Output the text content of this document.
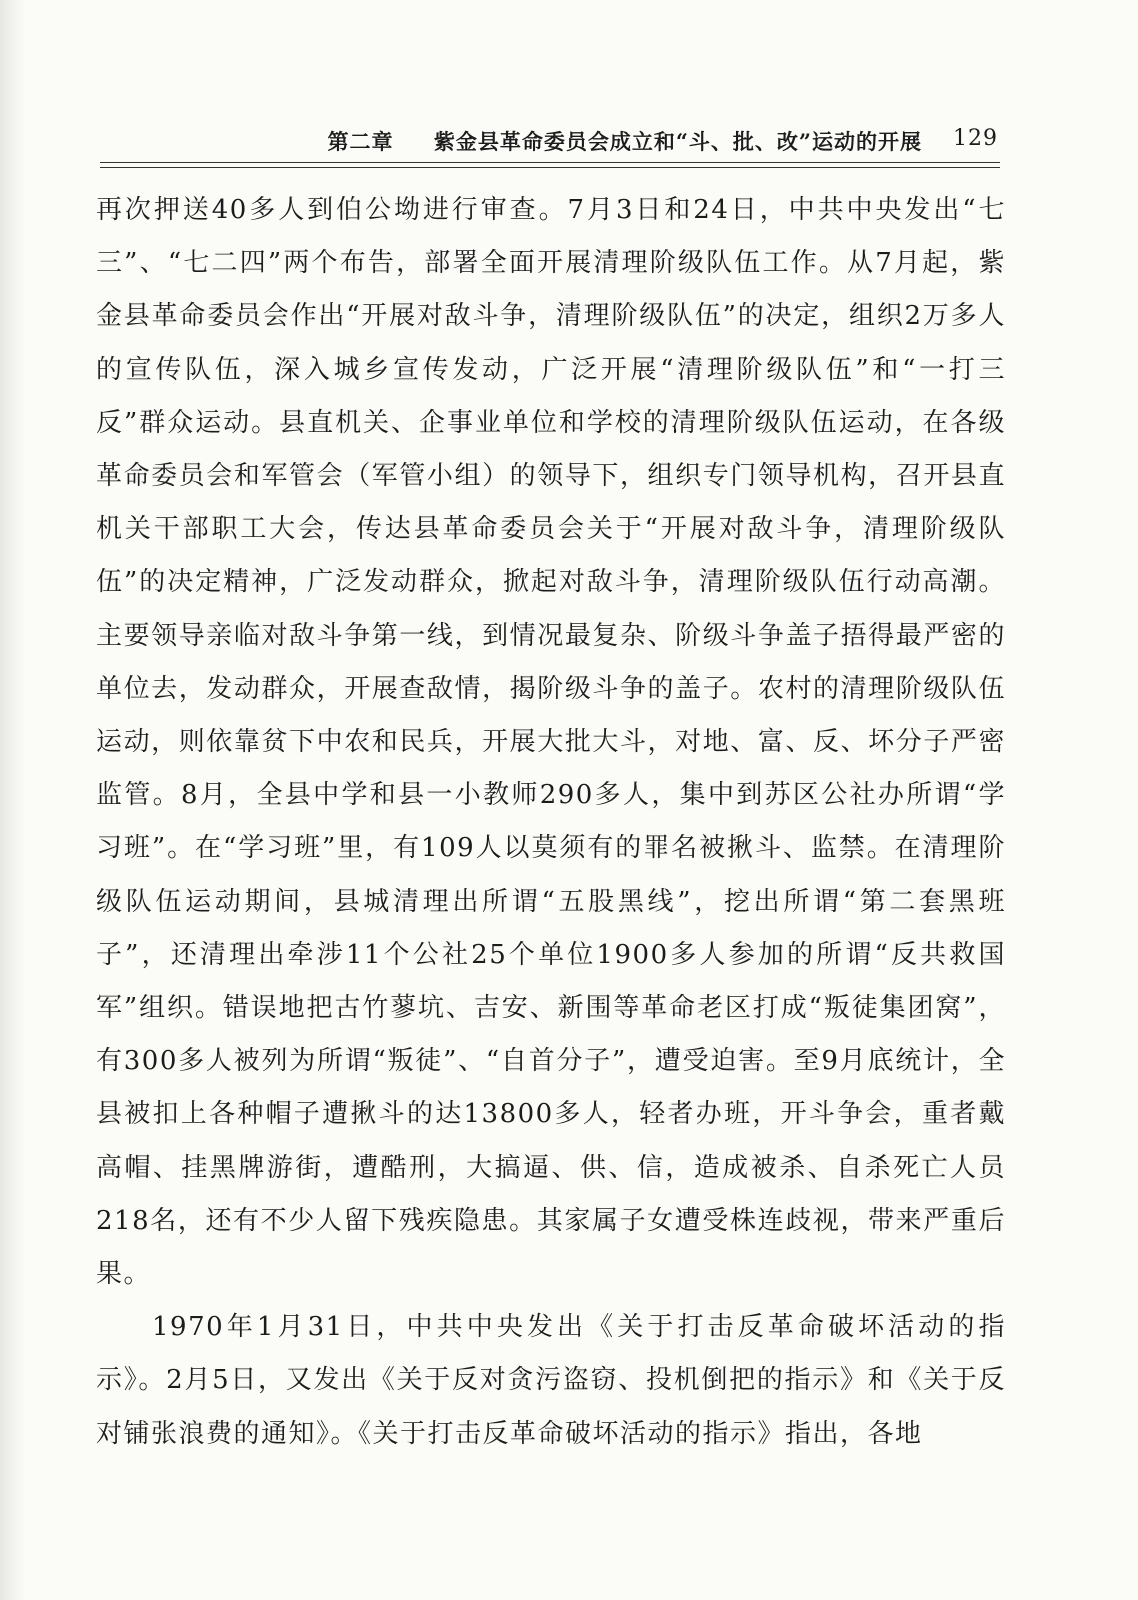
第二章 紫金县革命委员会成立和“斗、批、改”运动的开展 129

再次押送40多人到伯公坳进行审查。7月3日和24日，中共中央发出“七三”、“七二四”两个布告，部署全面开展清理阶级队伍工作。从7月起，紫金县革命委员会作出“开展对敌斗争，清理阶级队伍”的决定，组织2万多人的宣传队伍，深入城乡宣传发动，广泛开展“清理阶级队伍”和“一打三反”群众运动。县直机关、企事业单位和学校的清理阶级队伍运动，在各级革命委员会和军管会（军管小组）的领导下，组织专门领导机构，召开县直机关干部职工大会，传达县革命委员会关于“开展对敌斗争，清理阶级队伍”的决定精神，广泛发动群众，掀起对敌斗争，清理阶级队伍行动高潮。主要领导亲临对敌斗争第一线，到情况最复杂、阶级斗争盖子捂得最严密的单位去，发动群众，开展查敌情，揭阶级斗争的盖子。农村的清理阶级队伍运动，则依靠贫下中农和民兵，开展大批大斗，对地、富、反、坏分子严密监管。8月，全县中学和县一小教师290多人，集中到苏区公社办所谓“学习班”。在“学习班”里，有109人以莫须有的罪名被揪斗、监禁。在清理阶级队伍运动期间，县城清理出所谓“五股黑线”，挖出所谓“第二套黑班子”，还清理出牵涉11个公社25个单位1900多人参加的所谓“反共救国军”组织。错误地把古竹蓼坑、吉安、新围等革命老区打成“叛徒集团窝”，有300多人被列为所谓“叛徒”、“自首分子”，遭受迫害。至9月底统计，全县被扣上各种帽子遭揪斗的达13800多人，轻者办班，开斗争会，重者戴高帽、挂黑牌游街，遭酷刑，大搞逼、供、信，造成被杀、自杀死亡人员218名，还有不少人留下残疾隐患。其家属子女遭受株连歧视，带来严重后果。

1970年1月31日，中共中央发出《关于打击反革命破坏活动的指示》。2月5日，又发出《关于反对贪污盗窃、投机倒把的指示》和《关于反对铺张浪费的通知》。《关于打击反革命破坏活动的指示》指出，各地
